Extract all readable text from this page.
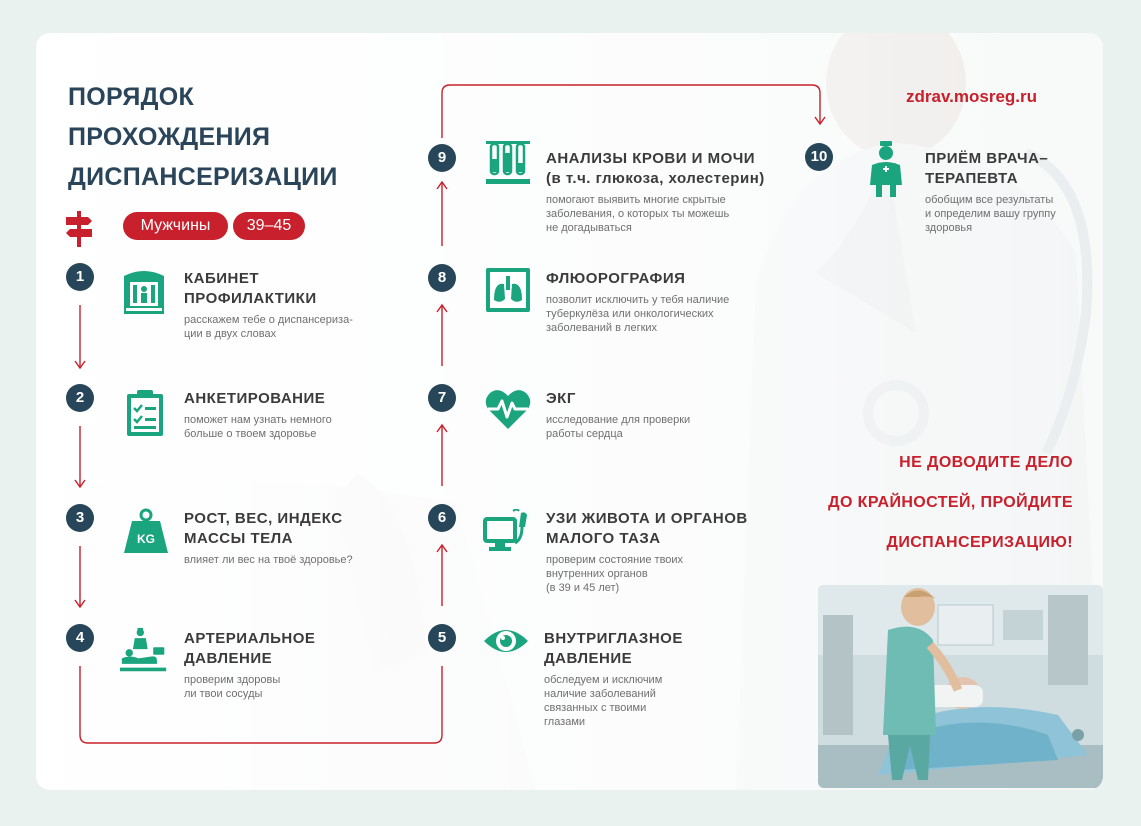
ПОРЯДОК
ПРОХОЖДЕНИЯ
ДИСПАНСЕРИЗАЦИИ
Мужчины	39–45
1	КАБИНЕТ
ПРОФИЛАКТИКИ
расскажем тебе о диспансериза-
ции в двух словах
2	АНКЕТИРОВАНИЕ
поможет нам узнать немного
больше о твоем здоровье
3
KG
РОСТ, ВЕС, ИНДЕКС
МАССЫ ТЕЛА
влияет ли вес на твоё здоровье?
4	АРТЕРИАЛЬНОЕ
ДАВЛЕНИЕ
проверим здоровы
ли твои сосуды
5	ВНУТРИГЛАЗНОЕ
ДАВЛЕНИЕ
обследуем и исключим
наличие заболеваний
связанных с твоими
глазами
6	УЗИ ЖИВОТА И ОРГАНОВ
МАЛОГО ТАЗА
проверим состояние твоих
внутренних органов
(в 39 и 45 лет)
7	ЭКГ
исследование для проверки
работы сердца
8	ФЛЮОРОГРАФИЯ
позволит исключить у тебя наличие
туберкулёза или онкологических
заболеваний в легких
9	АНАЛИЗЫ КРОВИ И МОЧИ
(в т.ч. глюкоза, холестерин)
помогают выявить многие скрытые
заболевания, о которых ты можешь
не догадываться
10	ПРИЁМ ВРАЧА–
ТЕРАПЕВТА
обобщим все результаты
и определим вашу группу
здоровья
zdrav.mosreg.ru
НЕ ДОВОДИТЕ ДЕЛО
ДО КРАЙНОСТЕЙ, ПРОЙДИТЕ
ДИСПАНСЕРИЗАЦИЮ!
